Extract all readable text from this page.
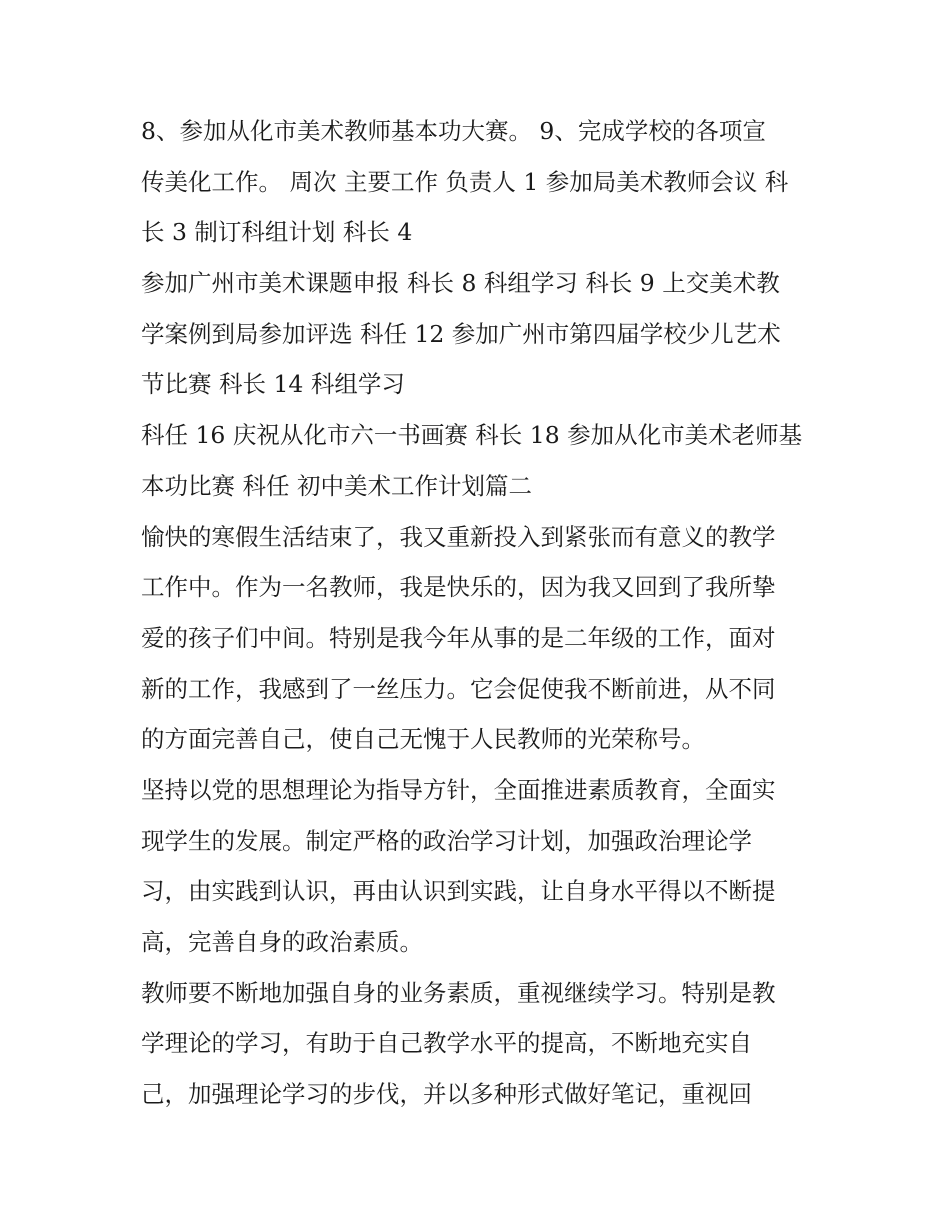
8、参加从化市美术教师基本功大赛。 9、完成学校的各项宣
传美化工作。 周次 主要工作 负责人 1 参加局美术教师会议 科
长 3 制订科组计划 科长 4
参加广州市美术课题申报 科长 8 科组学习 科长 9 上交美术教
学案例到局参加评选 科任 12 参加广州市第四届学校少儿艺术
节比赛 科长 14 科组学习
科任 16 庆祝从化市六一书画赛 科长 18 参加从化市美术老师基
本功比赛 科任 初中美术工作计划篇二
愉快的寒假生活结束了，我又重新投入到紧张而有意义的教学
工作中。作为一名教师，我是快乐的，因为我又回到了我所挚
爱的孩子们中间。特别是我今年从事的是二年级的工作，面对
新的工作，我感到了一丝压力。它会促使我不断前进，从不同
的方面完善自己，使自己无愧于人民教师的光荣称号。
坚持以党的思想理论为指导方针，全面推进素质教育，全面实
现学生的发展。制定严格的政治学习计划，加强政治理论学
习，由实践到认识，再由认识到实践，让自身水平得以不断提
高，完善自身的政治素质。
教师要不断地加强自身的业务素质，重视继续学习。特别是教
学理论的学习，有助于自己教学水平的提高，不断地充实自
己，加强理论学习的步伐，并以多种形式做好笔记，重视回
